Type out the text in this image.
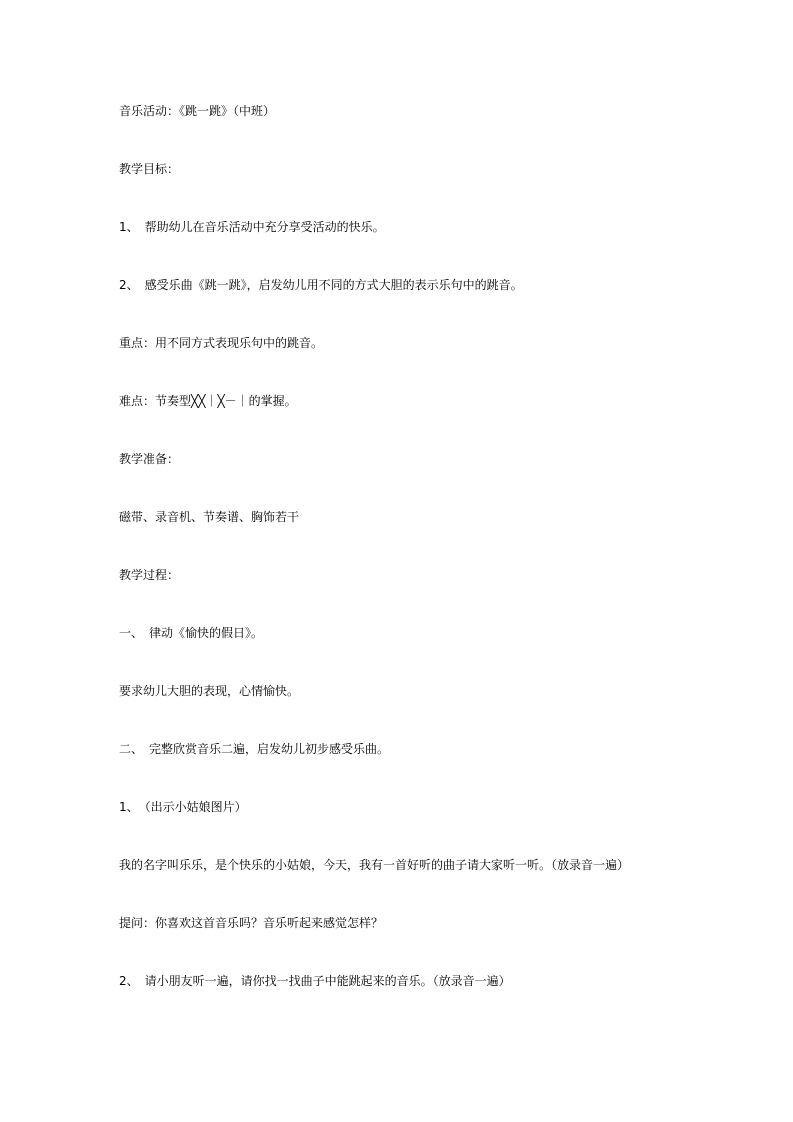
音乐活动：《跳一跳》（中班）
教学目标：
1、　帮助幼儿在音乐活动中充分享受活动的快乐。
2、　感受乐曲《跳一跳》，启发幼儿用不同的方式大胆的表示乐句中的跳音。
重点：用不同方式表现乐句中的跳音。
难点：节奏型╳╳｜╳－｜的掌握。
教学准备：
磁带、录音机、节奏谱、胸饰若干
教学过程：
一、　律动《愉快的假日》。
要求幼儿大胆的表现，心情愉快。
二、　完整欣赏音乐二遍，启发幼儿初步感受乐曲。
1、　（出示小姑娘图片）
我的名字叫乐乐，是个快乐的小姑娘，今天，我有一首好听的曲子请大家听一听。（放录音一遍）
提问：你喜欢这首音乐吗？音乐听起来感觉怎样？
2、　请小朋友听一遍，请你找一找曲子中能跳起来的音乐。（放录音一遍）
